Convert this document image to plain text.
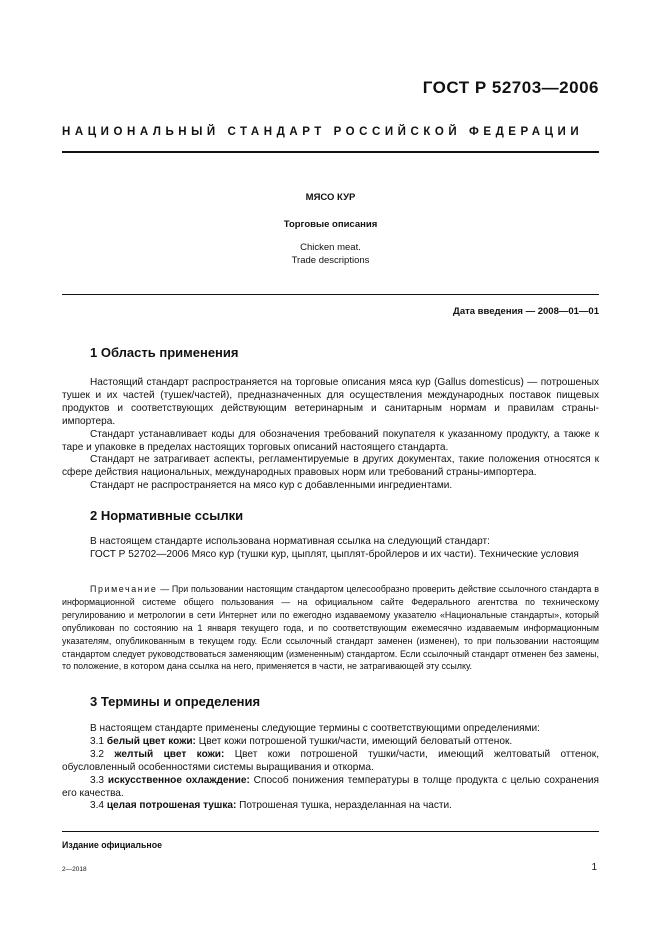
ГОСТ Р 52703—2006
НАЦИОНАЛЬНЫЙ СТАНДАРТ РОССИЙСКОЙ ФЕДЕРАЦИИ
МЯСО КУР
Торговые описания
Chicken meat.
Trade descriptions
Дата введения — 2008—01—01
1 Область применения

Настоящий стандарт распространяется на торговые описания мяса кур (Gallus domesticus) — потрошеных тушек и их частей (тушек/частей), предназначенных для осуществления международных поставок пищевых продуктов и соответствующих действующим ветеринарным и санитарным нормам и правилам страны-импортера.

Стандарт устанавливает коды для обозначения требований покупателя к указанному продукту, а также к таре и упаковке в пределах настоящих торговых описаний настоящего стандарта.

Стандарт не затрагивает аспекты, регламентируемые в других документах, такие положения относятся к сфере действия национальных, международных правовых норм или требований страны-импортера.

Стандарт не распространяется на мясо кур с добавленными ингредиентами.

2 Нормативные ссылки

В настоящем стандарте использована нормативная ссылка на следующий стандарт:

ГОСТ Р 52702—2006 Мясо кур (тушки кур, цыплят, цыплят-бройлеров и их части). Технические условия

Примечание — При пользовании настоящим стандартом целесообразно проверить действие ссылочного стандарта в информационной системе общего пользования — на официальном сайте Федерального агентства по техническому регулированию и метрологии в сети Интернет или по ежегодно издаваемому указателю «Национальные стандарты», который опубликован по состоянию на 1 января текущего года, и по соответствующим ежемесячно издаваемым информационным указателям, опубликованным в текущем году. Если ссылочный стандарт заменен (изменен), то при пользовании настоящим стандартом следует руководствоваться заменяющим (измененным) стандартом. Если ссылочный стандарт отменен без замены, то положение, в котором дана ссылка на него, применяется в части, не затрагивающей эту ссылку.
3 Термины и определения

В настоящем стандарте применены следующие термины с соответствующими определениями:

3.1 белый цвет кожи: Цвет кожи потрошеной тушки/части, имеющий беловатый оттенок.

3.2 желтый цвет кожи: Цвет кожи потрошеной тушки/части, имеющий желтоватый оттенок, обусловленный особенностями системы выращивания и откорма.

3.3 искусственное охлаждение: Способ понижения температуры в толще продукта с целью сохранения его качества.

3.4 целая потрошеная тушка: Потрошеная тушка, неразделанная на части.

Издание официальное
2—2018	1
